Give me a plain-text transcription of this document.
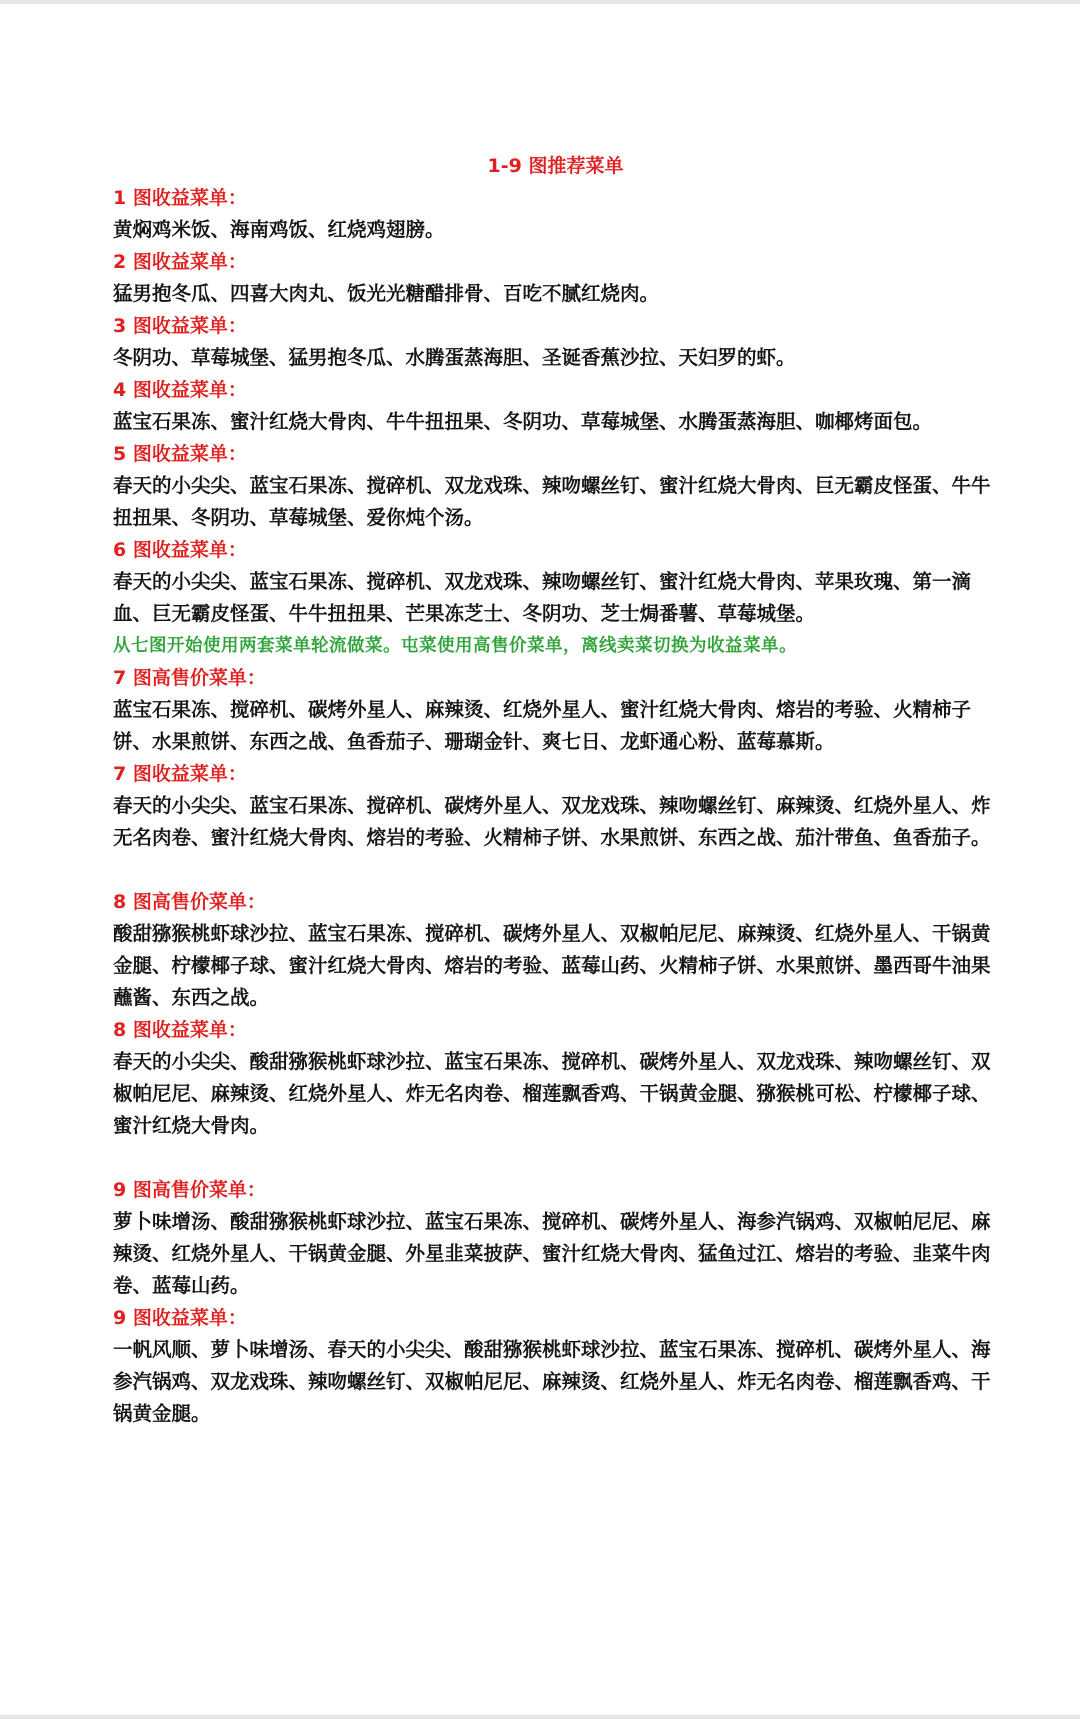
1-9 图推荐菜单

1 图收益菜单：

黄焖鸡米饭、海南鸡饭、红烧鸡翅膀。

2 图收益菜单：

猛男抱冬瓜、四喜大肉丸、饭光光糖醋排骨、百吃不腻红烧肉。

3 图收益菜单：

冬阴功、草莓城堡、猛男抱冬瓜、水腾蛋蒸海胆、圣诞香蕉沙拉、天妇罗的虾。

4 图收益菜单：

蓝宝石果冻、蜜汁红烧大骨肉、牛牛扭扭果、冬阴功、草莓城堡、水腾蛋蒸海胆、咖椰烤面包。

5 图收益菜单：

春天的小尖尖、蓝宝石果冻、搅碎机、双龙戏珠、辣吻螺丝钉、蜜汁红烧大骨肉、巨无霸皮怪蛋、牛牛扭扭果、冬阴功、草莓城堡、爱你炖个汤。

6 图收益菜单：

春天的小尖尖、蓝宝石果冻、搅碎机、双龙戏珠、辣吻螺丝钉、蜜汁红烧大骨肉、苹果玫瑰、第一滴血、巨无霸皮怪蛋、牛牛扭扭果、芒果冻芝士、冬阴功、芝士焗番薯、草莓城堡。

从七图开始使用两套菜单轮流做菜。屯菜使用高售价菜单，离线卖菜切换为收益菜单。

7 图高售价菜单：

蓝宝石果冻、搅碎机、碳烤外星人、麻辣烫、红烧外星人、蜜汁红烧大骨肉、熔岩的考验、火精柿子饼、水果煎饼、东西之战、鱼香茄子、珊瑚金针、爽七日、龙虾通心粉、蓝莓慕斯。

7 图收益菜单：

春天的小尖尖、蓝宝石果冻、搅碎机、碳烤外星人、双龙戏珠、辣吻螺丝钉、麻辣烫、红烧外星人、炸无名肉卷、蜜汁红烧大骨肉、熔岩的考验、火精柿子饼、水果煎饼、东西之战、茄汁带鱼、鱼香茄子。

8 图高售价菜单：

酸甜猕猴桃虾球沙拉、蓝宝石果冻、搅碎机、碳烤外星人、双椒帕尼尼、麻辣烫、红烧外星人、干锅黄金腿、柠檬椰子球、蜜汁红烧大骨肉、熔岩的考验、蓝莓山药、火精柿子饼、水果煎饼、墨西哥牛油果蘸酱、东西之战。

8 图收益菜单：

春天的小尖尖、酸甜猕猴桃虾球沙拉、蓝宝石果冻、搅碎机、碳烤外星人、双龙戏珠、辣吻螺丝钉、双椒帕尼尼、麻辣烫、红烧外星人、炸无名肉卷、榴莲飘香鸡、干锅黄金腿、猕猴桃可松、柠檬椰子球、蜜汁红烧大骨肉。

9 图高售价菜单：

萝卜味增汤、酸甜猕猴桃虾球沙拉、蓝宝石果冻、搅碎机、碳烤外星人、海参汽锅鸡、双椒帕尼尼、麻辣烫、红烧外星人、干锅黄金腿、外星韭菜披萨、蜜汁红烧大骨肉、猛鱼过江、熔岩的考验、韭菜牛肉卷、蓝莓山药。

9 图收益菜单：

一帆风顺、萝卜味增汤、春天的小尖尖、酸甜猕猴桃虾球沙拉、蓝宝石果冻、搅碎机、碳烤外星人、海参汽锅鸡、双龙戏珠、辣吻螺丝钉、双椒帕尼尼、麻辣烫、红烧外星人、炸无名肉卷、榴莲飘香鸡、干锅黄金腿。
